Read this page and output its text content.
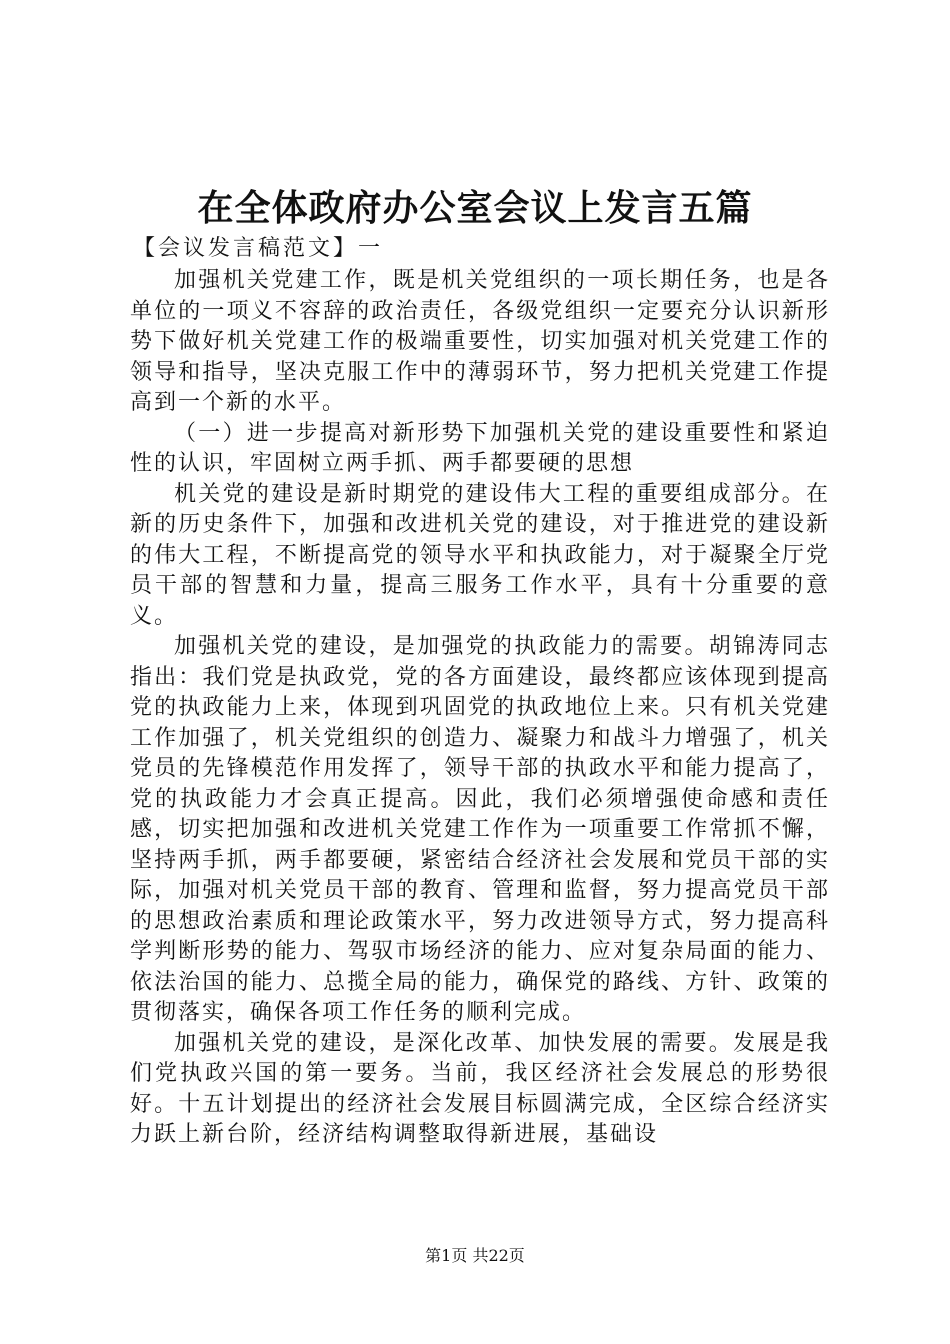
在全体政府办公室会议上发言五篇
【会议发言稿范文】一

加强机关党建工作，既是机关党组织的一项长期任务，也是各单位的一项义不容辞的政治责任，各级党组织一定要充分认识新形势下做好机关党建工作的极端重要性，切实加强对机关党建工作的领导和指导，坚决克服工作中的薄弱环节，努力把机关党建工作提高到一个新的水平。

（一）进一步提高对新形势下加强机关党的建设重要性和紧迫性的认识，牢固树立两手抓、两手都要硬的思想

机关党的建设是新时期党的建设伟大工程的重要组成部分。在新的历史条件下，加强和改进机关党的建设，对于推进党的建设新的伟大工程，不断提高党的领导水平和执政能力，对于凝聚全厅党员干部的智慧和力量，提高三服务工作水平，具有十分重要的意义。

加强机关党的建设，是加强党的执政能力的需要。胡锦涛同志指出：我们党是执政党，党的各方面建设，最终都应该体现到提高党的执政能力上来，体现到巩固党的执政地位上来。只有机关党建工作加强了，机关党组织的创造力、凝聚力和战斗力增强了，机关党员的先锋模范作用发挥了，领导干部的执政水平和能力提高了，党的执政能力才会真正提高。因此，我们必须增强使命感和责任感，切实把加强和改进机关党建工作作为一项重要工作常抓不懈，坚持两手抓，两手都要硬，紧密结合经济社会发展和党员干部的实际，加强对机关党员干部的教育、管理和监督，努力提高党员干部的思想政治素质和理论政策水平，努力改进领导方式，努力提高科学判断形势的能力、驾驭市场经济的能力、应对复杂局面的能力、依法治国的能力、总揽全局的能力，确保党的路线、方针、政策的贯彻落实，确保各项工作任务的顺利完成。

加强机关党的建设，是深化改革、加快发展的需要。发展是我们党执政兴国的第一要务。当前，我区经济社会发展总的形势很好。十五计划提出的经济社会发展目标圆满完成，全区综合经济实力跃上新台阶，经济结构调整取得新进展，基础设

第1页 共22页
